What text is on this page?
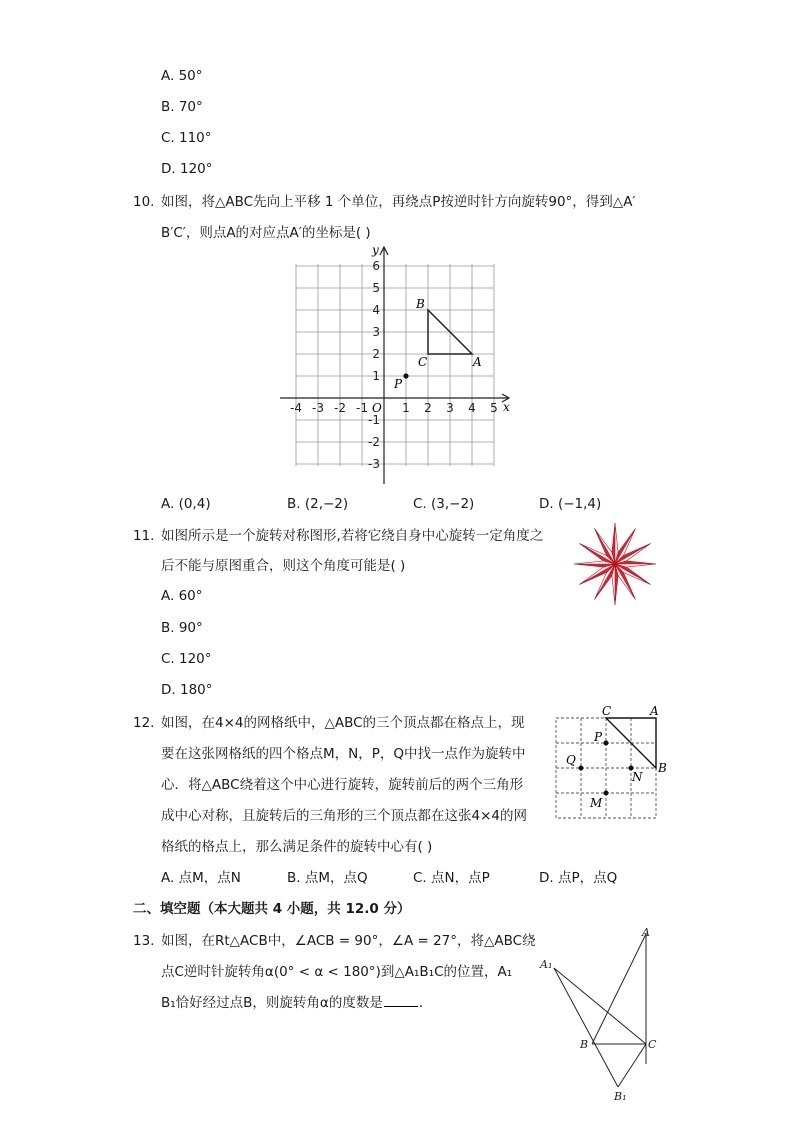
A. 50°
B. 70°
C. 110°
D. 120°
10. 如图，将△ABC先向上平移 1 个单位，再绕点P按逆时针方向旋转90°，得到△A′
B′C′，则点A的对应点A′的坐标是( )
x
y
O
-4 -3 -2 -1	1 2 3 4 5
6
5
4
3
2
1
-1
-2
-3
B
C	A
P
A. (0,4)	B. (2,−2)	C. (3,−2)	D. (−1,4)
11. 如图所示是一个旋转对称图形,若将它绕自身中心旋转一定角度之
后不能与原图重合，则这个角度可能是( )
A. 60°
B. 90°
C. 120°
D. 180°
12. 如图，在4×4的网格纸中，△ABC的三个顶点都在格点上，现
要在这张网格纸的四个格点M，N，P，Q中找一点作为旋转中
心．将△ABC绕着这个中心进行旋转，旋转前后的两个三角形
成中心对称，且旋转后的三角形的三个顶点都在这张4×4的网
格纸的格点上，那么满足条件的旋转中心有( )
C	A
B
P
Q
N
M
A. 点M，点N	B. 点M，点Q	C. 点N，点P	D. 点P，点Q
二、填空题（本大题共 4 小题，共 12.0 分）
13. 如图，在Rt△ACB中，∠ACB = 90°，∠A = 27°，将△ABC绕
点C逆时针旋转角α(0° < α < 180°)到△A₁B₁C的位置，A₁
B₁恰好经过点B，则旋转角α的度数是	．
A
A₁
B	C
B₁
